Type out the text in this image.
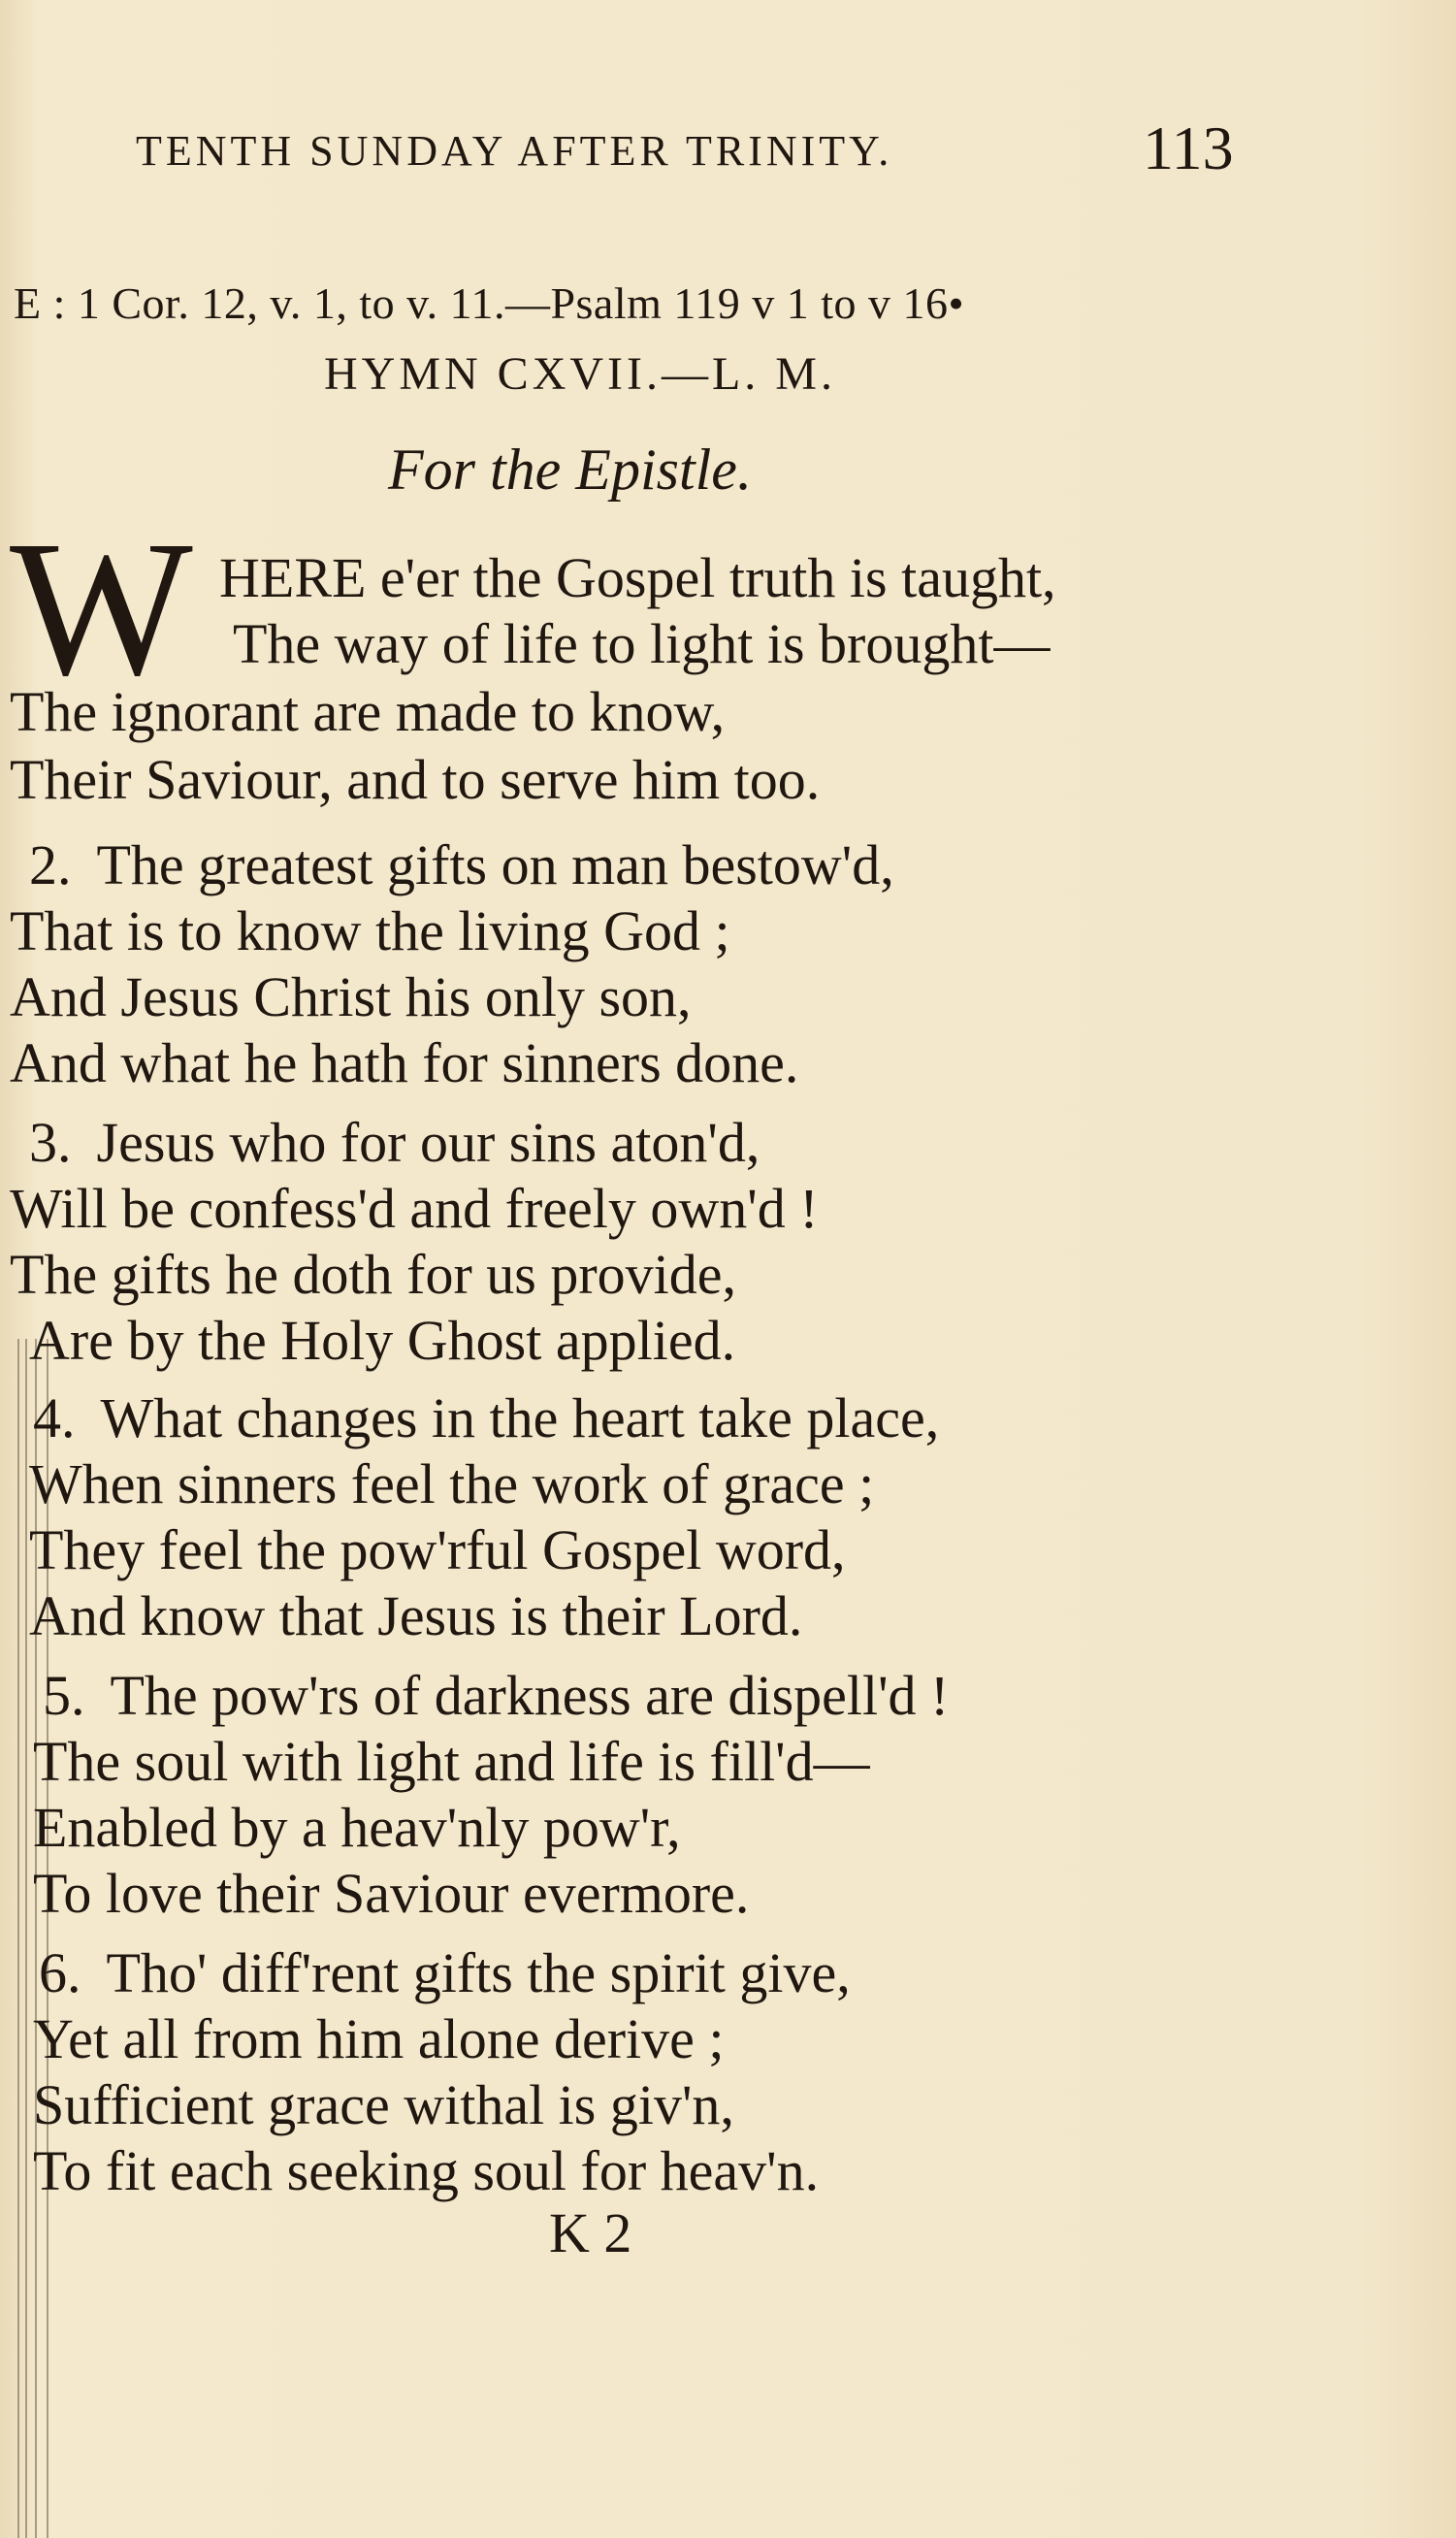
TENTH SUNDAY AFTER TRINITY.	113
E : 1 Cor. 12, v. 1, to v. 11.—Psalm 119 v 1 to v 16•
HYMN CXVII.—L. M.
For the Epistle.
W HERE e'er the Gospel truth is taught,
The way of life to light is brought—
The ignorant are made to know,
Their Saviour, and to serve him too.
2. The greatest gifts on man bestow'd,
That is to know the living God ;
And Jesus Christ his only son,
And what he hath for sinners done.
3. Jesus who for our sins aton'd,
Will be confess'd and freely own'd !
The gifts he doth for us provide,
Are by the Holy Ghost applied.
4. What changes in the heart take place,
When sinners feel the work of grace ;
They feel the pow'rful Gospel word,
And know that Jesus is their Lord.
5. The pow'rs of darkness are dispell'd !
The soul with light and life is fill'd—
Enabled by a heav'nly pow'r,
To love their Saviour evermore.
6. Tho' diff'rent gifts the spirit give,
Yet all from him alone derive ;
Sufficient grace withal is giv'n,
To fit each seeking soul for heav'n.
K 2
